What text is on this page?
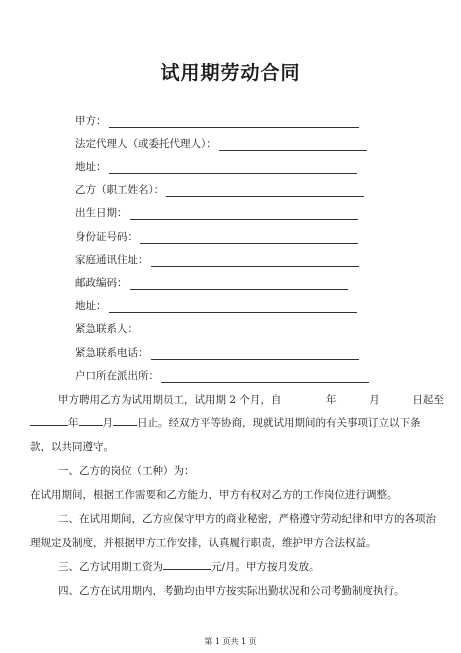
试用期劳动合同
甲方：
法定代理人（或委托代理人）：
地址：
乙方（职工姓名）：
出生日期：
身份证号码：
家庭通讯住址：
邮政编码：
地址：
紧急联系人：
紧急联系电话：
户口所在派出所：
甲方聘用乙方为试用期员工，试用期 2 个月，自	年	月	日起至
年 月 日止。经双方平等协商，现就试用期间的有关事项订立以下条
款，以共同遵守。
一、乙方的岗位（工种）为：
在试用期间，根据工作需要和乙方能力，甲方有权对乙方的工作岗位进行调整。
二、在试用期间，乙方应保守甲方的商业秘密，严格遵守劳动纪律和甲方的各项治
理规定及制度，并根据甲方工作安排，认真履行职责，维护甲方合法权益。
三、乙方试用期工资为	元/月。甲方按月发放。
四、乙方在试用期内，考勤均由甲方按实际出勤状况和公司考勤制度执行。
第 1 页共 1 页
